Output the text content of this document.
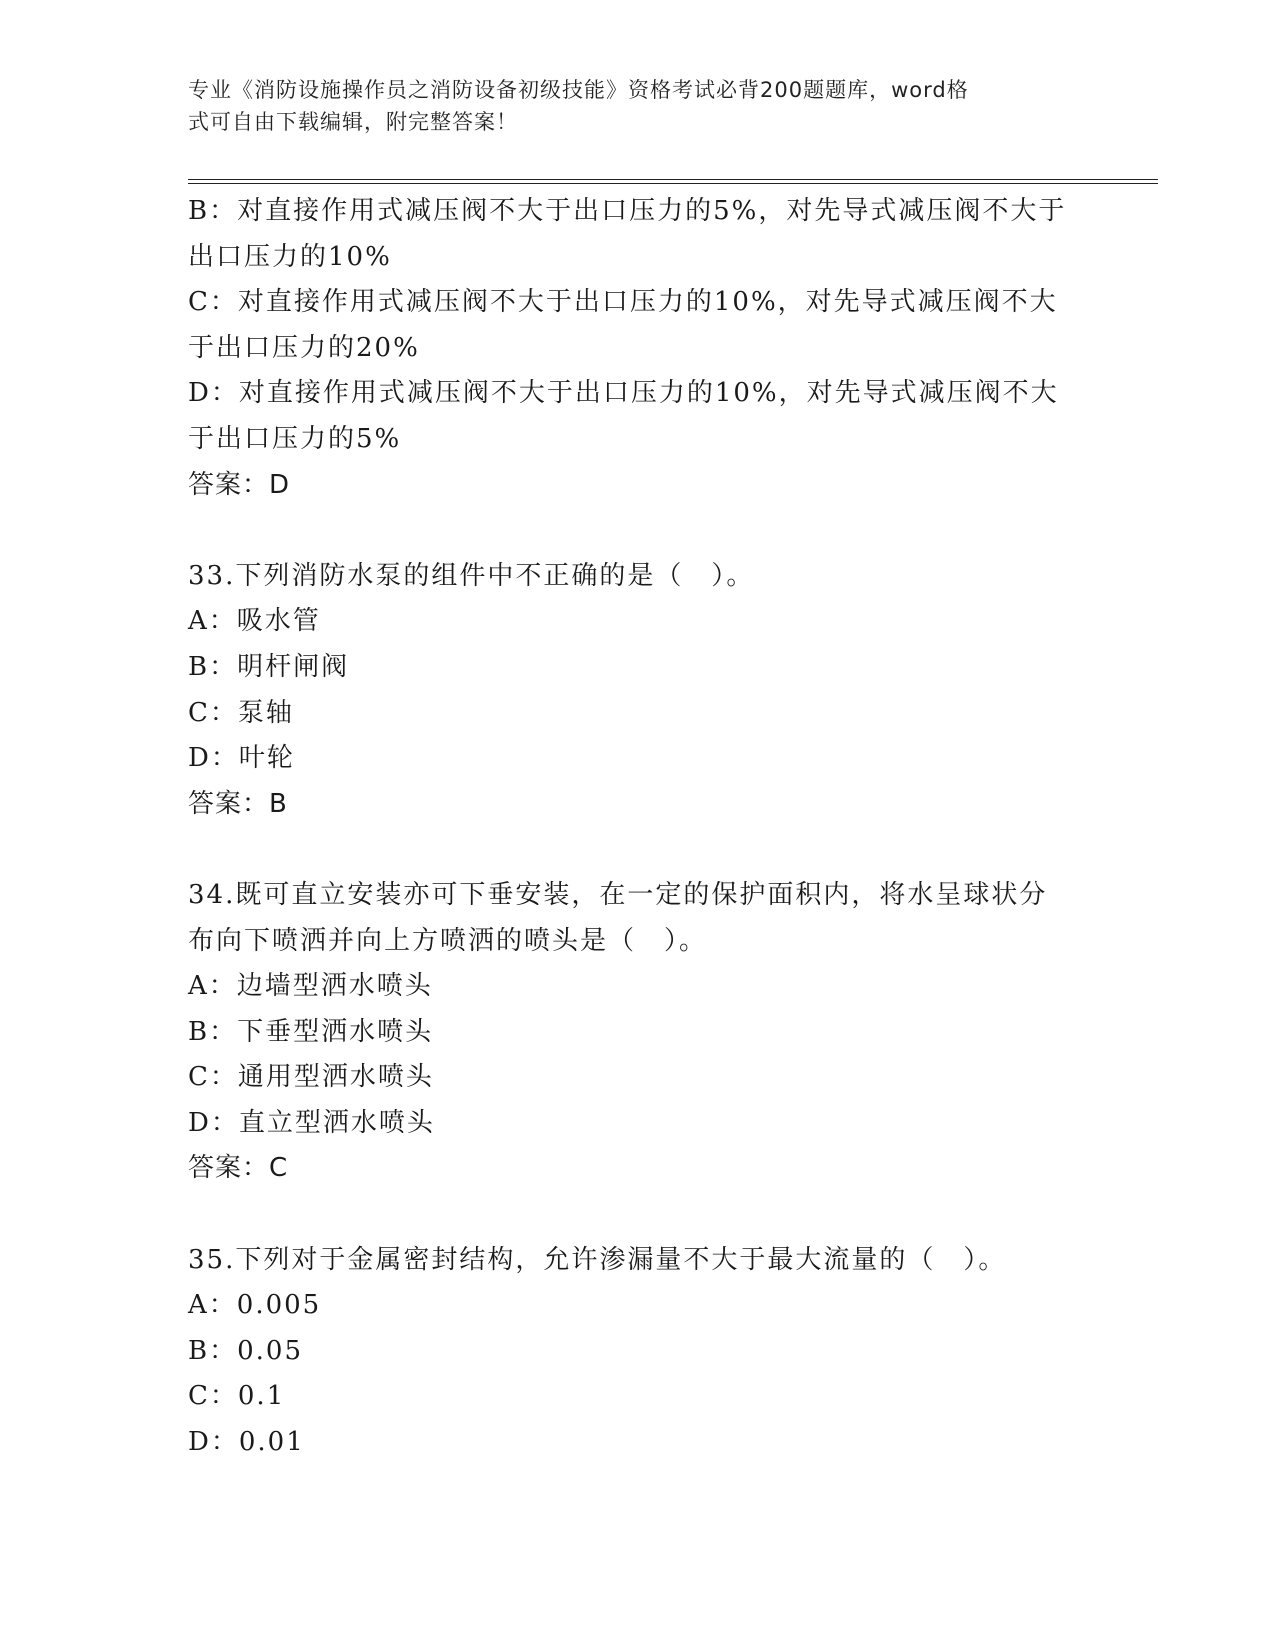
专业《消防设施操作员之消防设备初级技能》资格考试必背200题题库，word格
式可自由下载编辑，附完整答案！
B：对直接作用式减压阀不大于出口压力的5%，对先导式减压阀不大于
出口压力的10%
C：对直接作用式减压阀不大于出口压力的10%，对先导式减压阀不大
于出口压力的20%
D：对直接作用式减压阀不大于出口压力的10%，对先导式减压阀不大
于出口压力的5%
答案：D
33.下列消防水泵的组件中不正确的是（　）。
A：吸水管
B：明杆闸阀
C：泵轴
D：叶轮
答案：B
34.既可直立安装亦可下垂安装，在一定的保护面积内，将水呈球状分
布向下喷洒并向上方喷洒的喷头是（　）。
A：边墙型洒水喷头
B：下垂型洒水喷头
C：通用型洒水喷头
D：直立型洒水喷头
答案：C
35.下列对于金属密封结构，允许渗漏量不大于最大流量的（　）。
A：0.005
B：0.05
C：0.1
D：0.01
